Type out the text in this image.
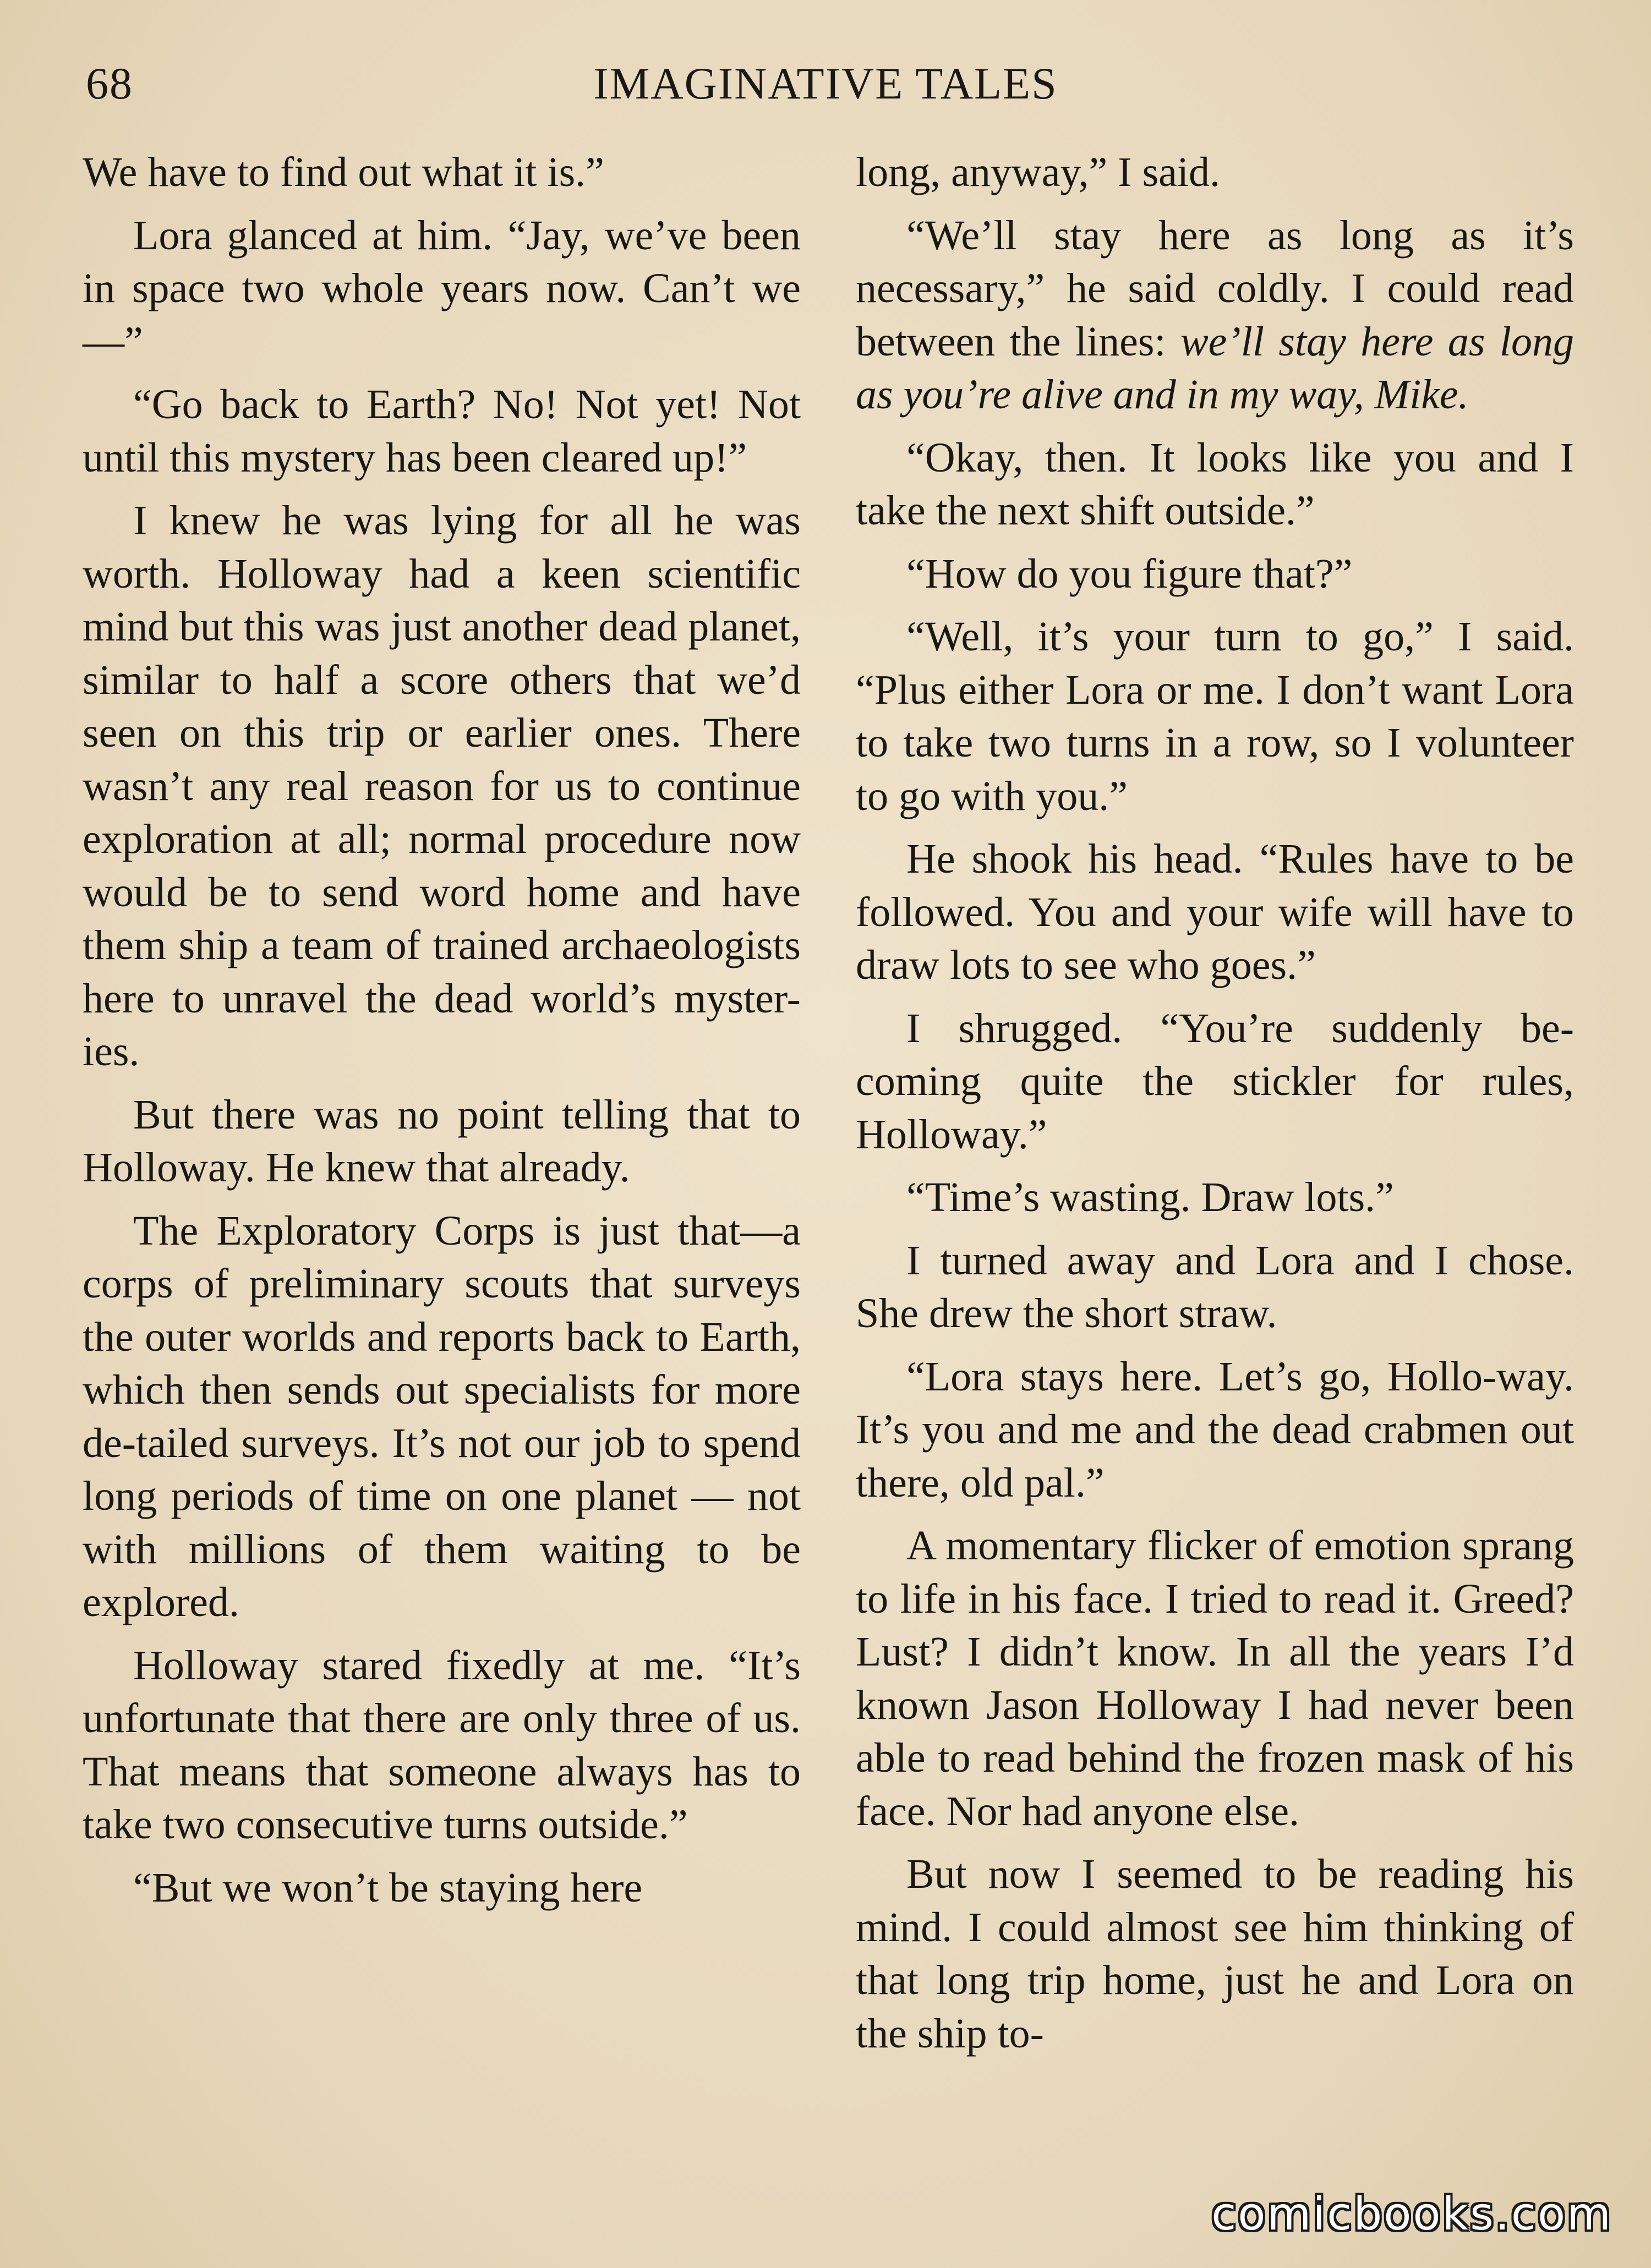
68	IMAGINATIVE TALES

We have to find out what it is.”

Lora glanced at him. “Jay, we’ve been in space two whole years now. Can’t we —”

“Go back to Earth? No! Not yet! Not until this mystery has been cleared up!”

I knew he was lying for all he was worth. Holloway had a keen scientific mind but this was just another dead planet, similar to half a score others that we’d seen on this trip or earlier ones. There wasn’t any real reason for us to continue exploration at all; normal procedure now would be to send word home and have them ship a team of trained archaeologists here to unravel the dead world’s myster-ies.

But there was no point telling that to Holloway. He knew that already.

The Exploratory Corps is just that—a corps of preliminary scouts that surveys the outer worlds and reports back to Earth, which then sends out specialists for more de-tailed surveys. It’s not our job to spend long periods of time on one planet — not with millions of them waiting to be explored.

Holloway stared fixedly at me. “It’s unfortunate that there are only three of us. That means that someone always has to take two consecutive turns outside.”

“But we won’t be staying here

long, anyway,” I said.

“We’ll stay here as long as it’s necessary,” he said coldly. I could read between the lines: we’ll stay here as long as you’re alive and in my way, Mike.

“Okay, then. It looks like you and I take the next shift outside.”

“How do you figure that?”

“Well, it’s your turn to go,” I said. “Plus either Lora or me. I don’t want Lora to take two turns in a row, so I volunteer to go with you.”

He shook his head. “Rules have to be followed. You and your wife will have to draw lots to see who goes.”

I shrugged. “You’re suddenly be-coming quite the stickler for rules, Holloway.”

“Time’s wasting. Draw lots.”

I turned away and Lora and I chose. She drew the short straw.

“Lora stays here. Let’s go, Hollo-way. It’s you and me and the dead crabmen out there, old pal.”

A momentary flicker of emotion sprang to life in his face. I tried to read it. Greed? Lust? I didn’t know. In all the years I’d known Jason Holloway I had never been able to read behind the frozen mask of his face. Nor had anyone else.

But now I seemed to be reading his mind. I could almost see him thinking of that long trip home, just he and Lora on the ship to-

comicbooks.com
